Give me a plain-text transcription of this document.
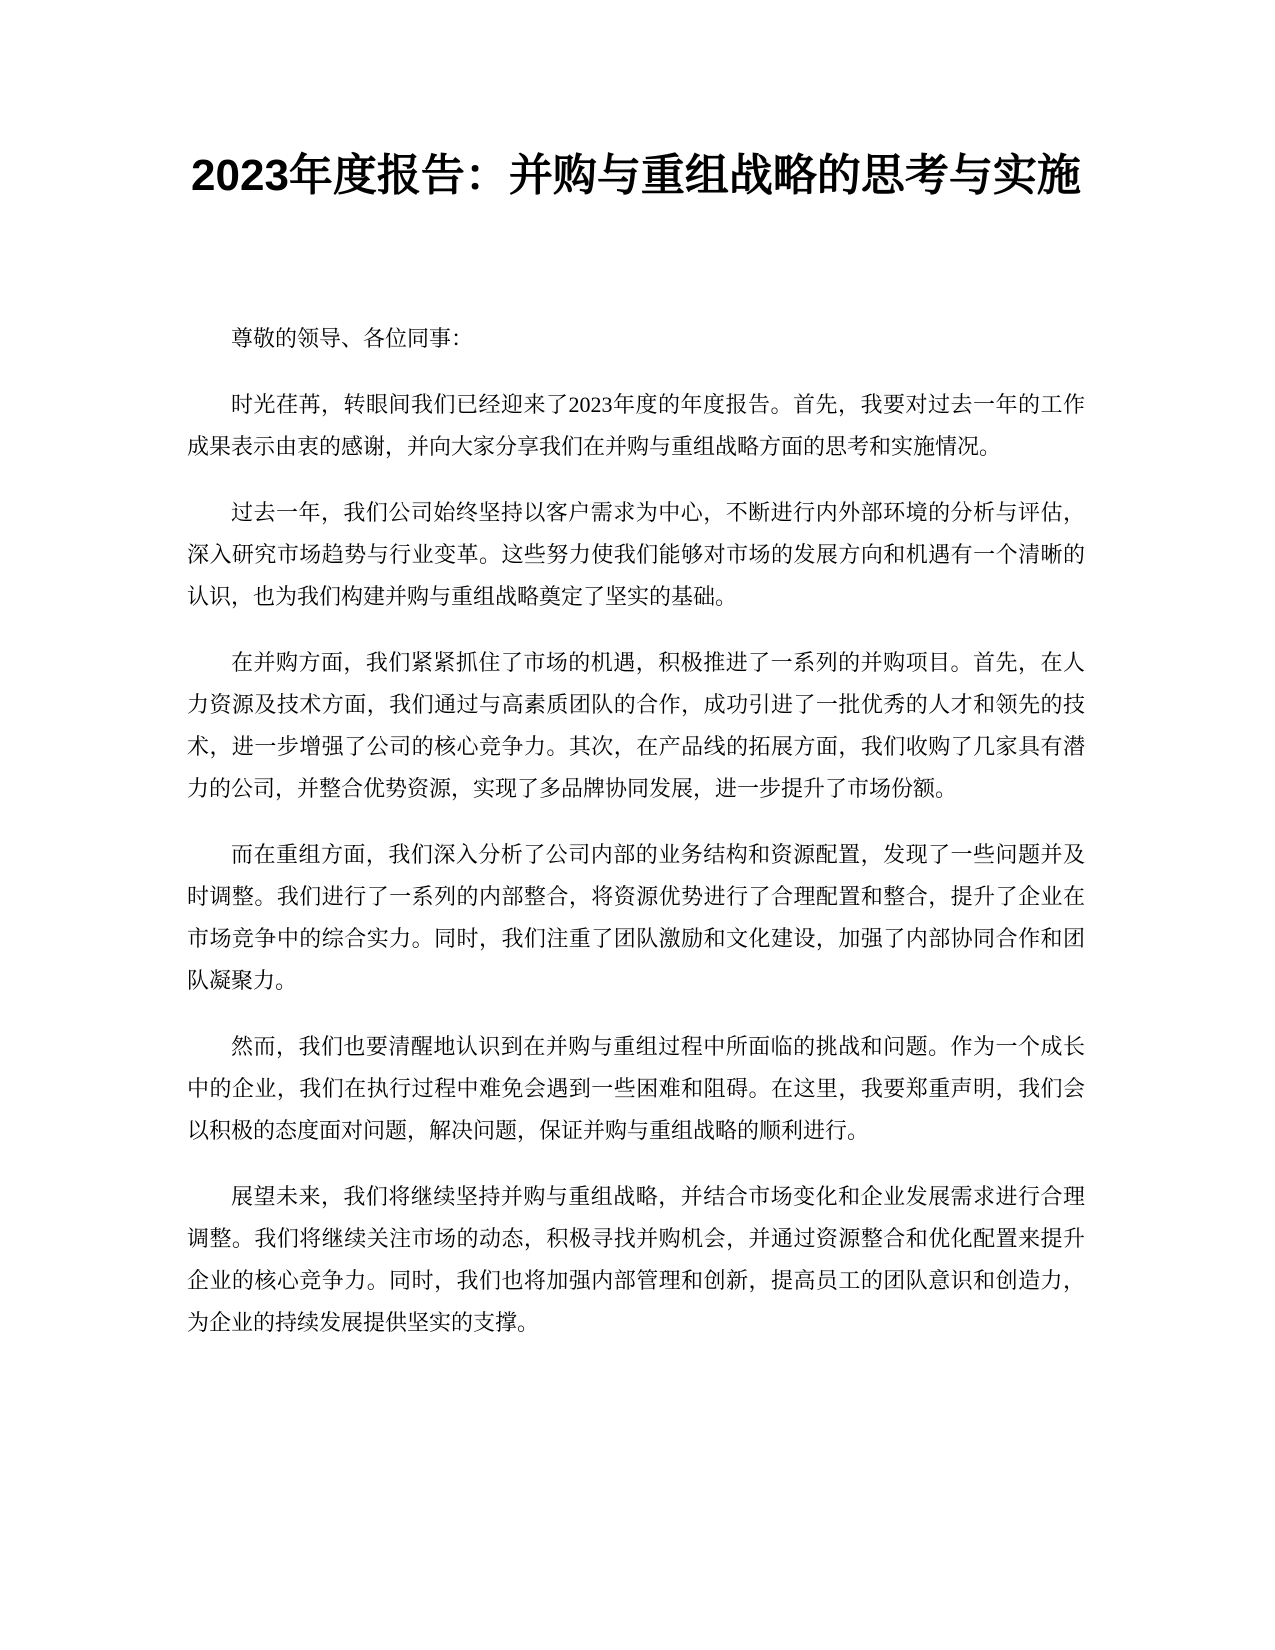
2023年度报告：并购与重组战略的思考与实施

尊敬的领导、各位同事：

时光荏苒，转眼间我们已经迎来了2023年度的年度报告。首先，我要对过去一年的工作成果表示由衷的感谢，并向大家分享我们在并购与重组战略方面的思考和实施情况。

过去一年，我们公司始终坚持以客户需求为中心，不断进行内外部环境的分析与评估，深入研究市场趋势与行业变革。这些努力使我们能够对市场的发展方向和机遇有一个清晰的认识，也为我们构建并购与重组战略奠定了坚实的基础。

在并购方面，我们紧紧抓住了市场的机遇，积极推进了一系列的并购项目。首先，在人力资源及技术方面，我们通过与高素质团队的合作，成功引进了一批优秀的人才和领先的技术，进一步增强了公司的核心竞争力。其次，在产品线的拓展方面，我们收购了几家具有潜力的公司，并整合优势资源，实现了多品牌协同发展，进一步提升了市场份额。

而在重组方面，我们深入分析了公司内部的业务结构和资源配置，发现了一些问题并及时调整。我们进行了一系列的内部整合，将资源优势进行了合理配置和整合，提升了企业在市场竞争中的综合实力。同时，我们注重了团队激励和文化建设，加强了内部协同合作和团队凝聚力。

然而，我们也要清醒地认识到在并购与重组过程中所面临的挑战和问题。作为一个成长中的企业，我们在执行过程中难免会遇到一些困难和阻碍。在这里，我要郑重声明，我们会以积极的态度面对问题，解决问题，保证并购与重组战略的顺利进行。

展望未来，我们将继续坚持并购与重组战略，并结合市场变化和企业发展需求进行合理调整。我们将继续关注市场的动态，积极寻找并购机会，并通过资源整合和优化配置来提升企业的核心竞争力。同时，我们也将加强内部管理和创新，提高员工的团队意识和创造力，为企业的持续发展提供坚实的支撑。
